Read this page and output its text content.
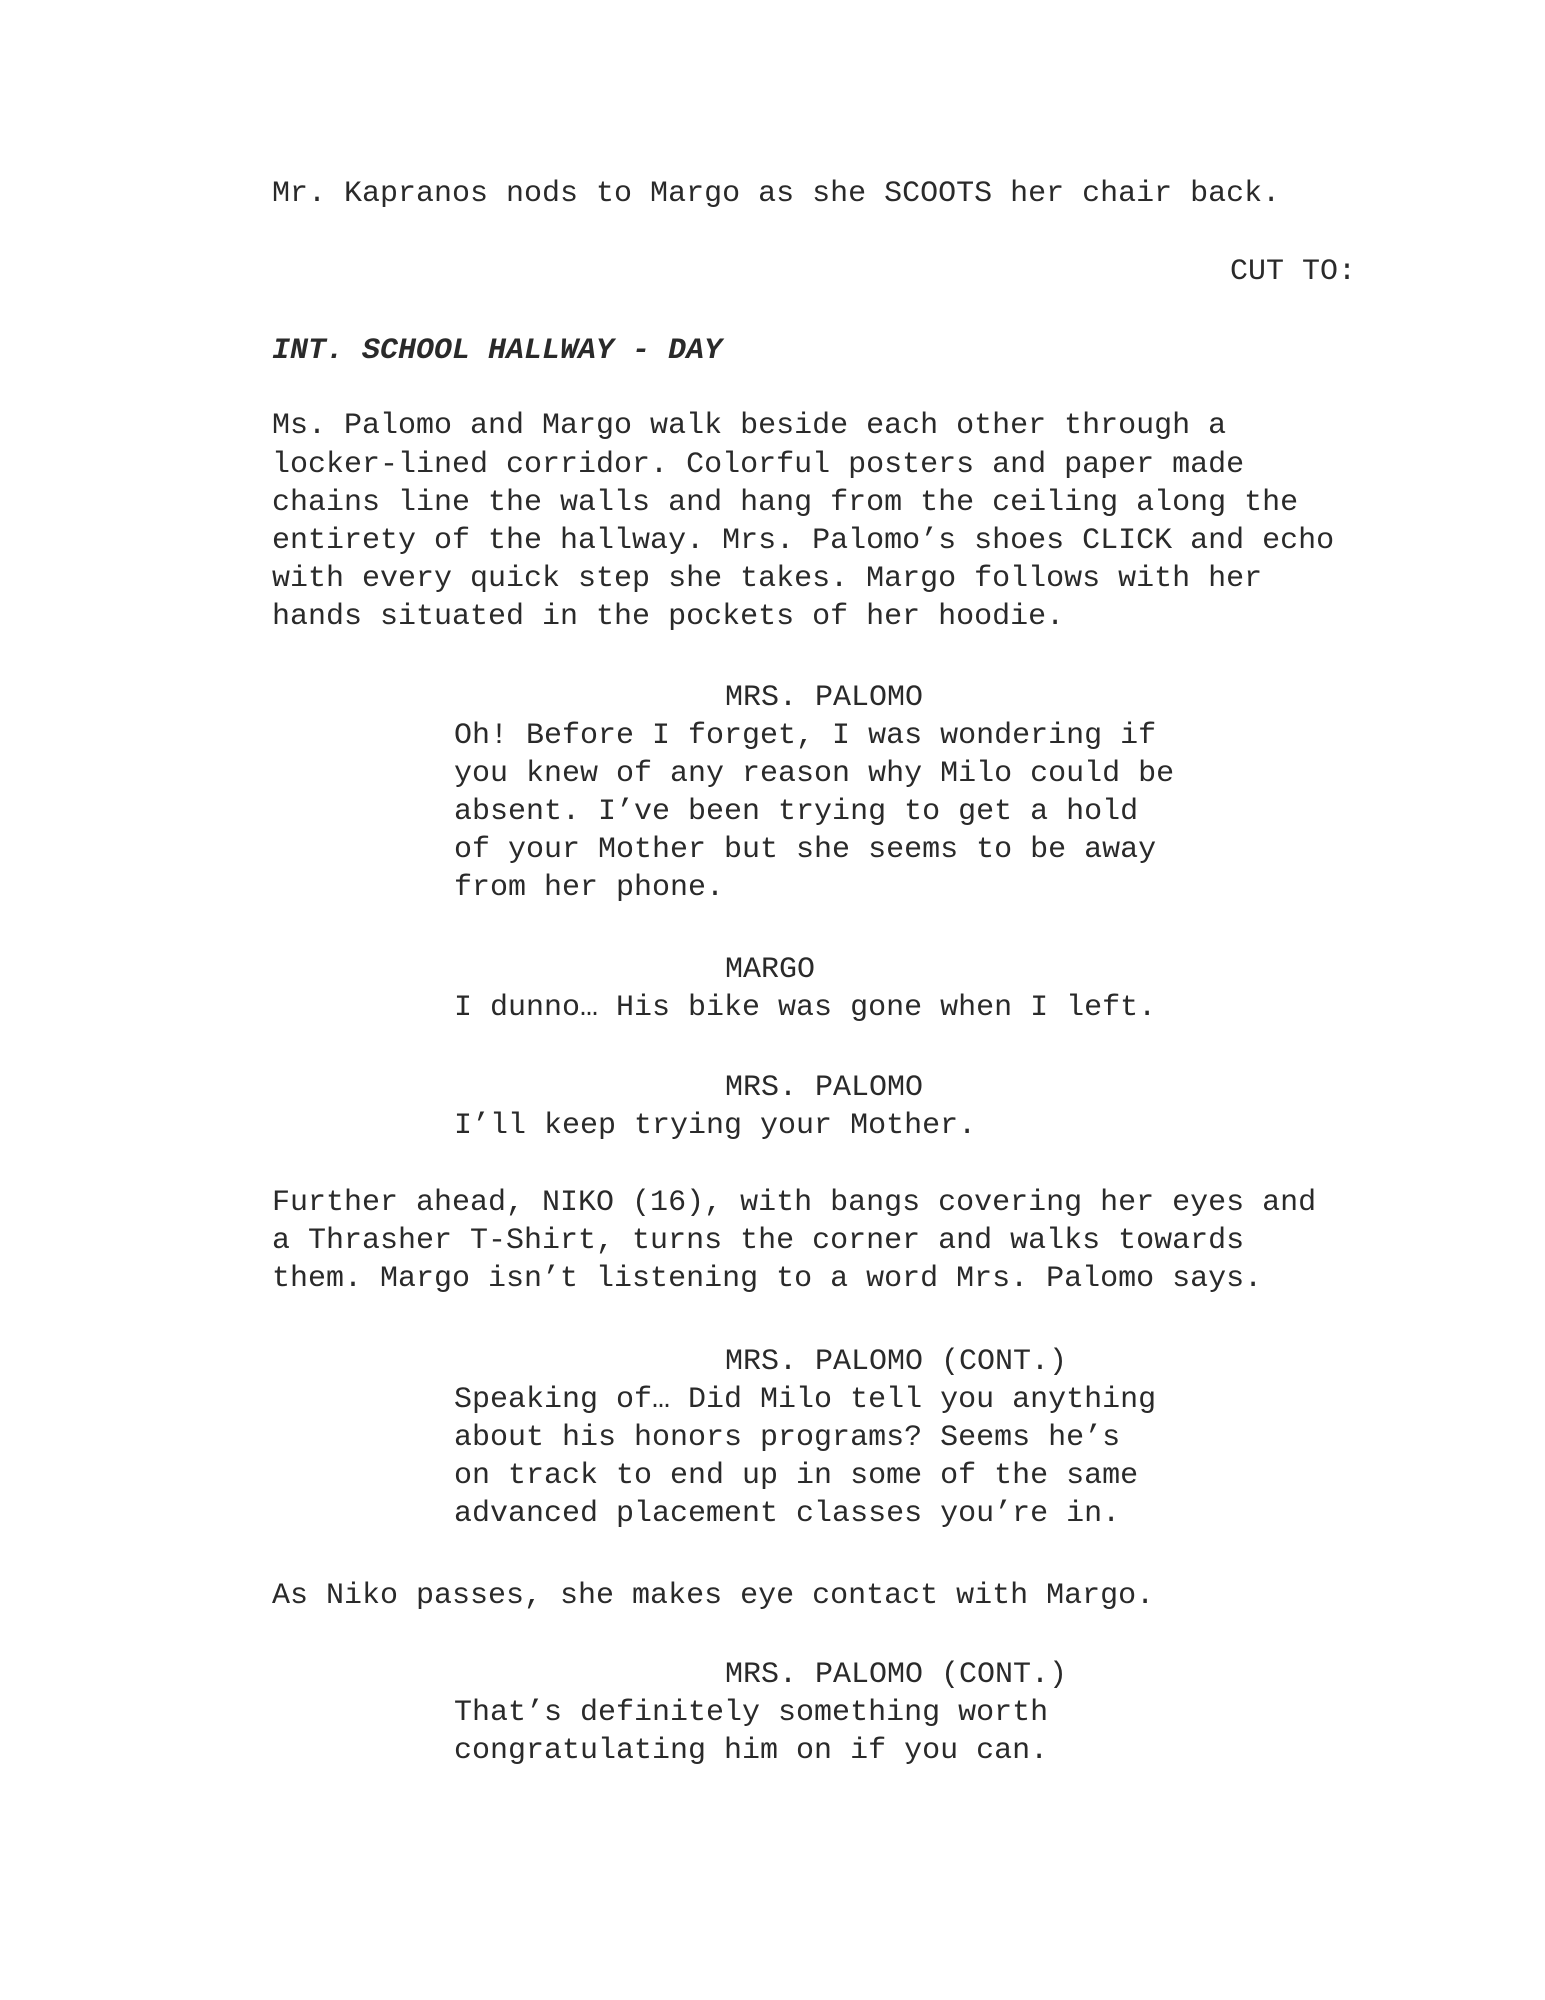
Mr. Kapranos nods to Margo as she SCOOTS her chair back.
CUT TO:
INT. SCHOOL HALLWAY - DAY
Ms. Palomo and Margo walk beside each other through a
locker-lined corridor. Colorful posters and paper made
chains line the walls and hang from the ceiling along the
entirety of the hallway. Mrs. Palomo’s shoes CLICK and echo
with every quick step she takes. Margo follows with her
hands situated in the pockets of her hoodie.
MRS. PALOMO
Oh! Before I forget, I was wondering if
you knew of any reason why Milo could be
absent. I’ve been trying to get a hold
of your Mother but she seems to be away
from her phone.
MARGO
I dunno… His bike was gone when I left.
MRS. PALOMO
I’ll keep trying your Mother.
Further ahead, NIKO (16), with bangs covering her eyes and
a Thrasher T-Shirt, turns the corner and walks towards
them. Margo isn’t listening to a word Mrs. Palomo says.
MRS. PALOMO (CONT.)
Speaking of… Did Milo tell you anything
about his honors programs? Seems he’s
on track to end up in some of the same
advanced placement classes you’re in.
As Niko passes, she makes eye contact with Margo.
MRS. PALOMO (CONT.)
That’s definitely something worth
congratulating him on if you can.
